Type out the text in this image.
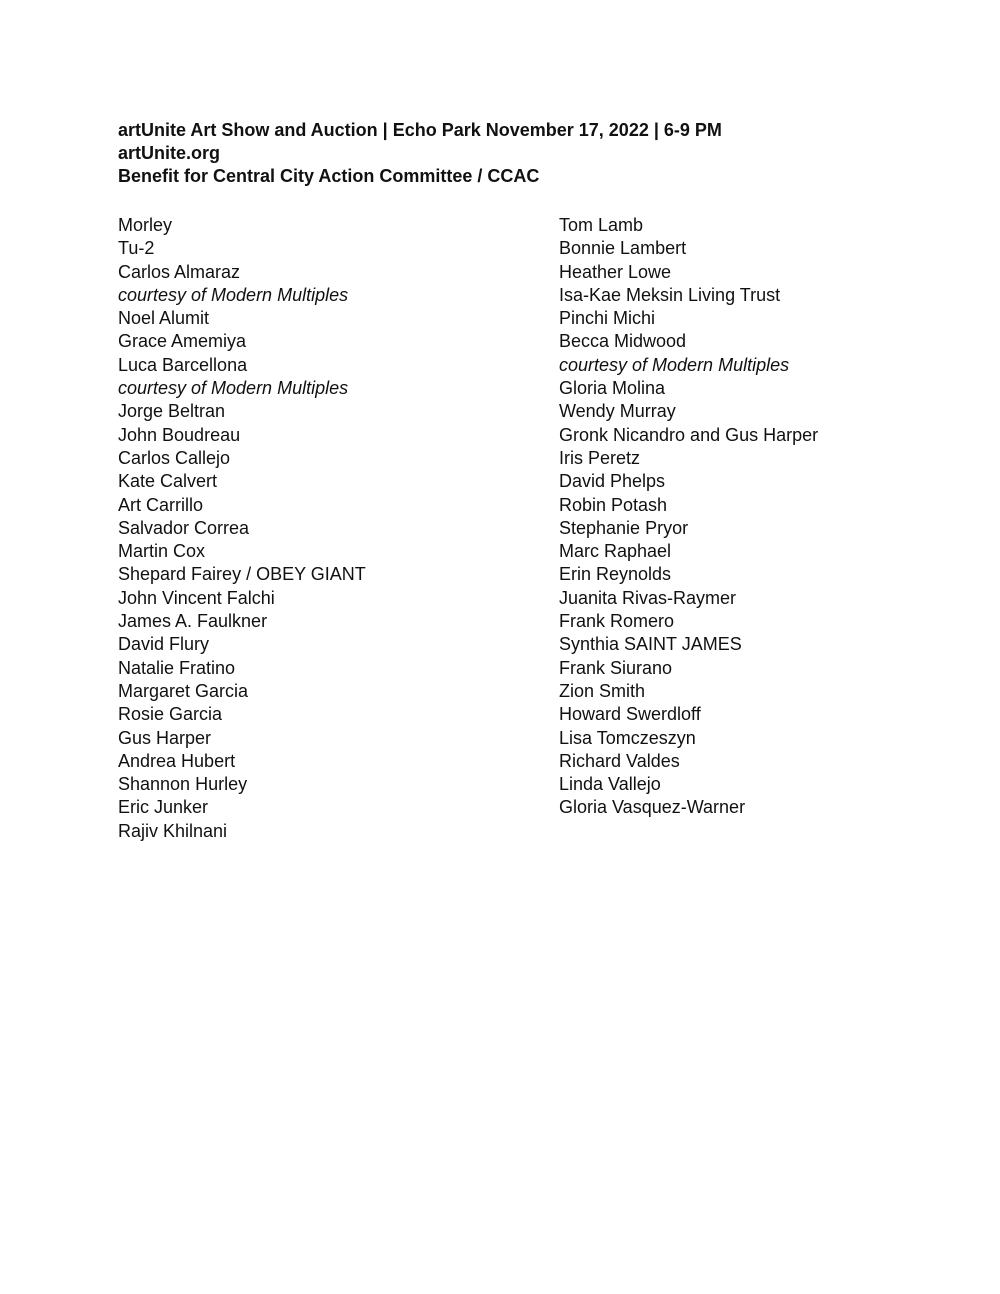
artUnite Art Show and Auction | Echo Park November 17, 2022 | 6-9 PM
artUnite.org
Benefit for Central City Action Committee / CCAC
Morley
Tu-2
Carlos Almaraz
courtesy of Modern Multiples
Noel Alumit
Grace Amemiya
Luca Barcellona
courtesy of Modern Multiples
Jorge Beltran
John Boudreau
Carlos Callejo
Kate Calvert
Art Carrillo
Salvador Correa
Martin Cox
Shepard Fairey / OBEY GIANT
John Vincent Falchi
James A. Faulkner
David Flury
Natalie Fratino
Margaret Garcia
Rosie Garcia
Gus Harper
Andrea Hubert
Shannon Hurley
Eric Junker
Rajiv Khilnani
Tom Lamb
Bonnie Lambert
Heather Lowe
Isa-Kae Meksin Living Trust
Pinchi Michi
Becca Midwood
courtesy of Modern Multiples
Gloria Molina
Wendy Murray
Gronk Nicandro and Gus Harper
Iris Peretz
David Phelps
Robin Potash
Stephanie Pryor
Marc Raphael
Erin Reynolds
Juanita Rivas-Raymer
Frank Romero
Synthia SAINT JAMES
Frank Siurano
Zion Smith
Howard Swerdloff
Lisa Tomczeszyn
Richard Valdes
Linda Vallejo
Gloria Vasquez-Warner
